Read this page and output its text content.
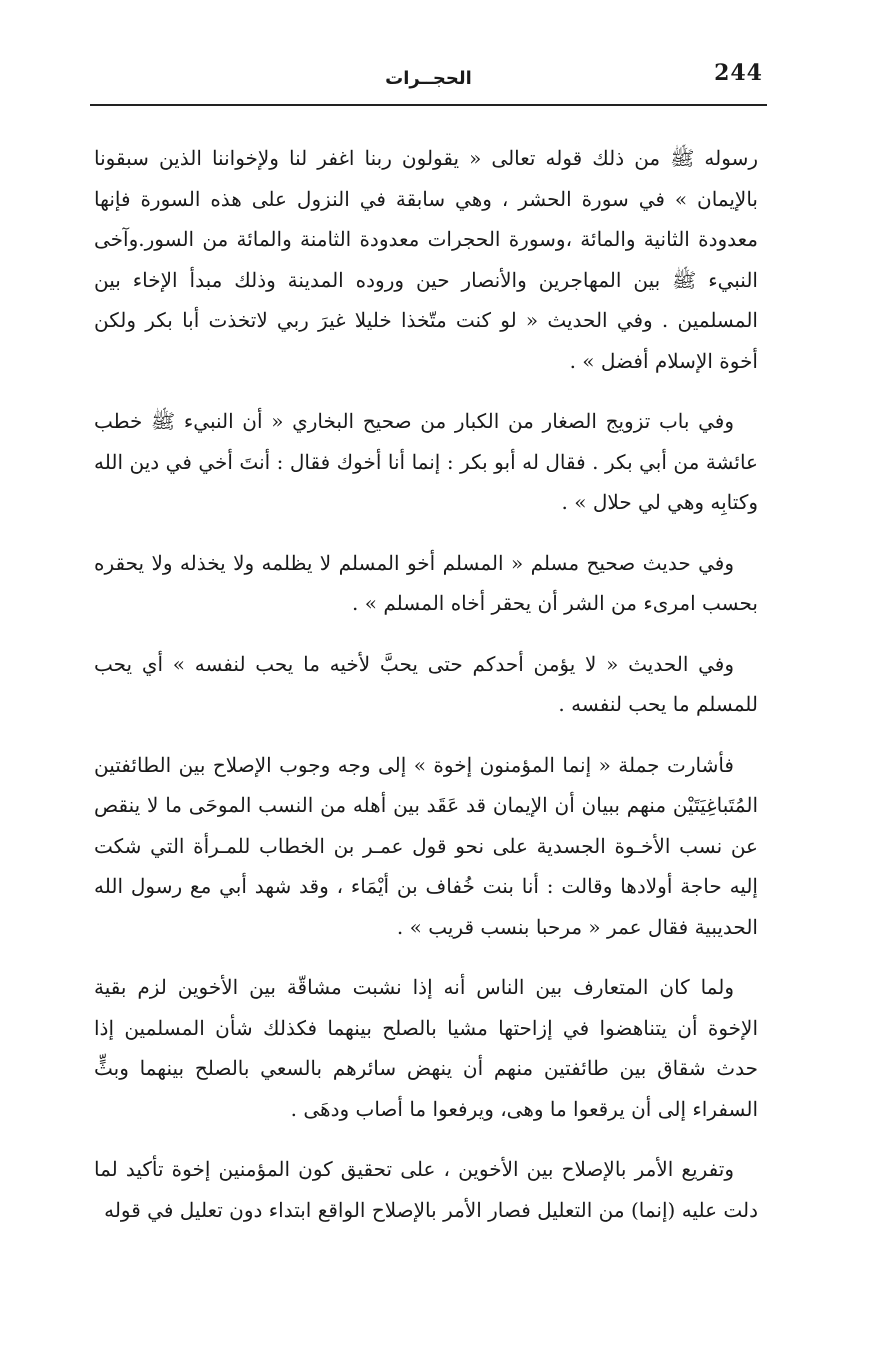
244
الحجــرات

رسوله ﷺ من ذلك قوله تعالى « يقولون ربنا اغفر لنا ولإخواننا الذين سبقونا بالإيمان » في سورة الحشر ، وهي سابقة في النزول على هذه السورة فإنها معدودة الثانية والمائة ،وسورة الحجرات معدودة الثامنة والمائة من السور.وآخى النبيء ﷺ بين المهاجرين والأنصار حين وروده المدينة وذلك مبدأ الإخاء بين المسلمين . وفي الحديث « لو كنت متّخذا خليلا غيرَ ربي لاتخذت أبا بكر ولكن أخوة الإسلام أفضل » .

وفي باب تزويج الصغار من الكبار من صحيح البخاري « أن النبيء ﷺ خطب عائشة من أبي بكر . فقال له أبو بكر : إنما أنا أخوك فقال : أنتَ أخي في دين الله وكتابِه وهي لي حلال » .

وفي حديث صحيح مسلم « المسلم أخو المسلم لا يظلمه ولا يخذله ولا يحقره بحسب امرىء من الشر أن يحقر أخاه المسلم » .

وفي الحديث « لا يؤمن أحدكم حتى يحبَّ لأخيه ما يحب لنفسه » أي يحب للمسلم ما يحب لنفسه .

فأشارت جملة « إنما المؤمنون إخوة » إلى وجه وجوب الإصلاح بين الطائفتين المُتَباغِيَتَيْن منهم ببيان أن الإيمان قد عَقَد بين أهله من النسب الموحَى ما لا ينقص عن نسب الأخـوة الجسدية على نحو قول عمـر بن الخطاب للمـرأة التي شكت إليه حاجة أولادها وقالت : أنا بنت خُفاف بن أيْمَاء ، وقد شهد أبي مع رسول الله الحديبية فقال عمر « مرحبا بنسب قريب » .

ولما كان المتعارف بين الناس أنه إذا نشبت مشاقّة بين الأخوين لزم بقية الإخوة أن يتناهضوا في إزاحتها مشيا بالصلح بينهما فكذلك شأن المسلمين إذا حدث شقاق بين طائفتين منهم أن ينهض سائرهم بالسعي بالصلح بينهما وبثٍّ السفراء إلى أن يرقعوا ما وهى، ويرفعوا ما أصاب ودهَى .

وتفريع الأمر بالإصلاح بين الأخوين ، على تحقيق كون المؤمنين إخوة تأكيد لما دلت عليه (إنما) من التعليل فصار الأمر بالإصلاح الواقع ابتداء دون تعليل في قوله
